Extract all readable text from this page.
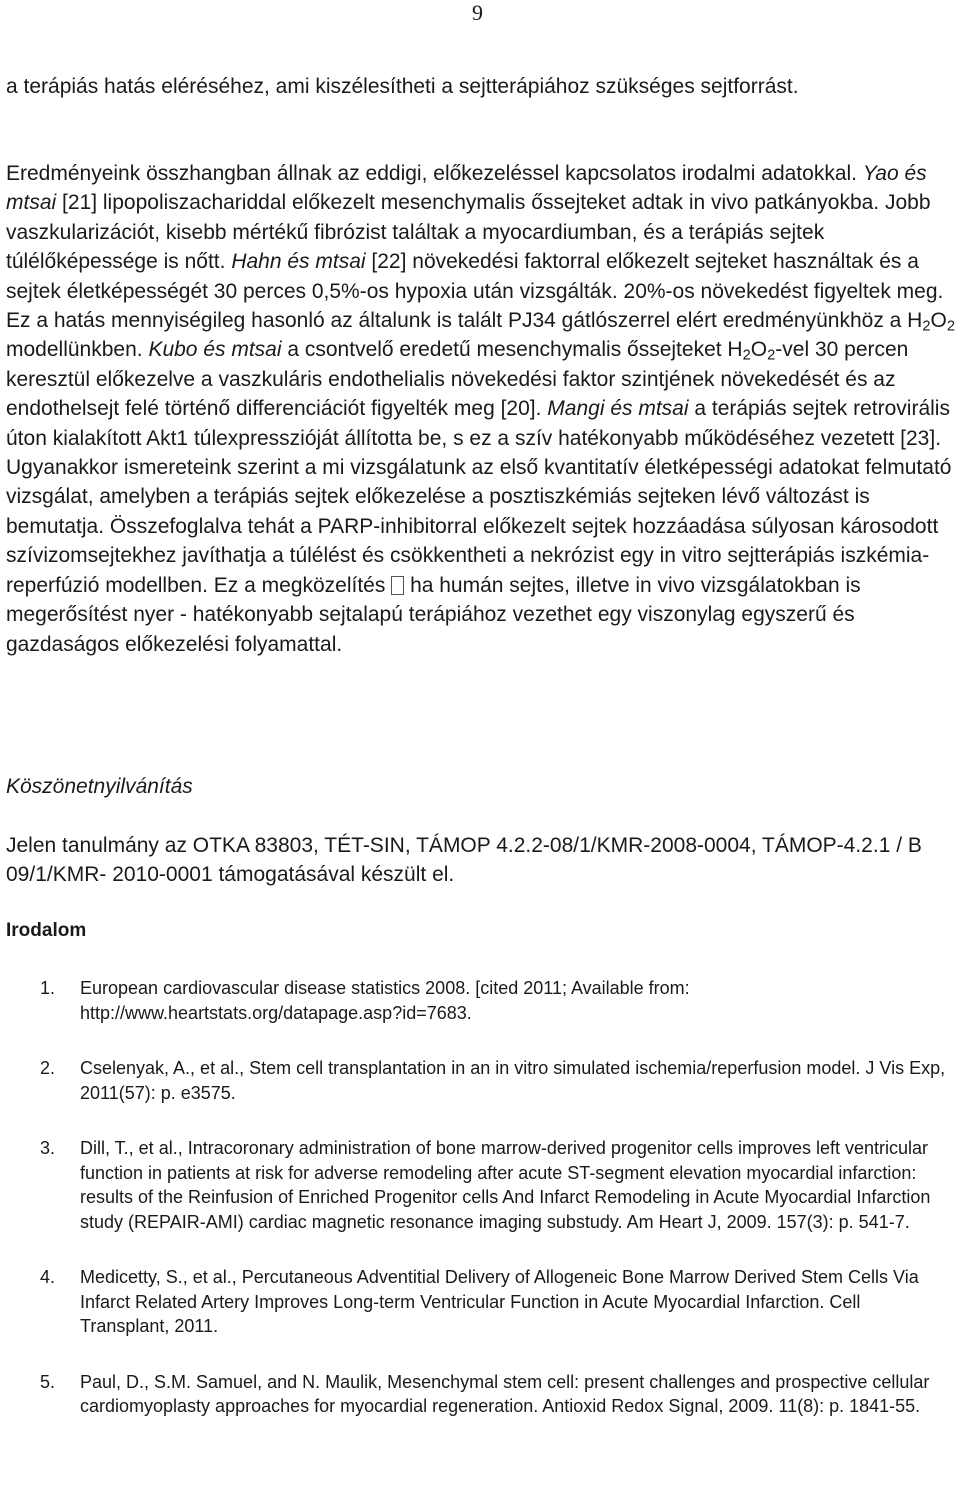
9

a terápiás hatás eléréséhez, ami kiszélesítheti a sejtterápiához szükséges sejtforrást.

Eredményeink összhangban állnak az eddigi, előkezeléssel kapcsolatos irodalmi adatokkal. Yao és mtsai [21] lipopoliszachariddal előkezelt mesenchymalis őssejteket adtak in vivo patkányokba. Jobb vaszkularizációt, kisebb mértékű fibrózist találtak a myocardiumban, és a terápiás sejtek túlélőképessége is nőtt. Hahn és mtsai [22] növekedési faktorral előkezelt sejteket használtak és a sejtek életképességét 30 perces 0,5%-os hypoxia után vizsgálták. 20%-os növekedést figyeltek meg. Ez a hatás mennyiségileg hasonló az általunk is talált PJ34 gátlószerrel elért eredményünkhöz a $H_2O_2$ modellünkben. Kubo és mtsai a csontvelő eredetű mesenchymalis őssejteket $H_2O_2$-vel 30 percen keresztül előkezelve a vaszkuláris endothelialis növekedési faktor szintjének növekedését és az endothelsejt felé történő differenciációt figyelték meg [20]. Mangi és mtsai a terápiás sejtek retrovirális úton kialakított Akt1 túlexpresszióját állította be, s ez a szív hatékonyabb működéséhez vezetett [23]. Ugyanakkor ismereteink szerint a mi vizsgálatunk az első kvantitatív életképességi adatokat felmutató vizsgálat, amelyben a terápiás sejtek előkezelése a posztiszkémiás sejteken lévő változást is bemutatja. Összefoglalva tehát a PARP-inhibitorral előkezelt sejtek hozzáadása súlyosan károsodott szívizomsejtekhez javíthatja a túlélést és csökkentheti a nekrózist egy in vitro sejtterápiás iszkémia-reperfúzió modellben. Ez a megközelítés ha humán sejtes, illetve in vivo vizsgálatokban is megerősítést nyer - hatékonyabb sejtalapú terápiához vezethet egy viszonylag egyszerű és gazdaságos előkezelési folyamattal.

Köszönetnyilvánítás

Jelen tanulmány az OTKA 83803, TÉT-SIN, TÁMOP 4.2.2-08/1/KMR-2008-0004, TÁMOP-4.2.1 / B 09/1/KMR- 2010-0001 támogatásával készült el.

Irodalom

1. European cardiovascular disease statistics 2008. [cited 2011; Available from: http://www.heartstats.org/datapage.asp?id=7683.
2. Cselenyak, A., et al., Stem cell transplantation in an in vitro simulated ischemia/reperfusion model. J Vis Exp, 2011(57): p. e3575.
3. Dill, T., et al., Intracoronary administration of bone marrow-derived progenitor cells improves left ventricular function in patients at risk for adverse remodeling after acute ST-segment elevation myocardial infarction: results of the Reinfusion of Enriched Progenitor cells And Infarct Remodeling in Acute Myocardial Infarction study (REPAIR-AMI) cardiac magnetic resonance imaging substudy. Am Heart J, 2009. 157(3): p. 541-7.
4. Medicetty, S., et al., Percutaneous Adventitial Delivery of Allogeneic Bone Marrow Derived Stem Cells Via Infarct Related Artery Improves Long-term Ventricular Function in Acute Myocardial Infarction. Cell Transplant, 2011.
5. Paul, D., S.M. Samuel, and N. Maulik, Mesenchymal stem cell: present challenges and prospective cellular cardiomyoplasty approaches for myocardial regeneration. Antioxid Redox Signal, 2009. 11(8): p. 1841-55.
